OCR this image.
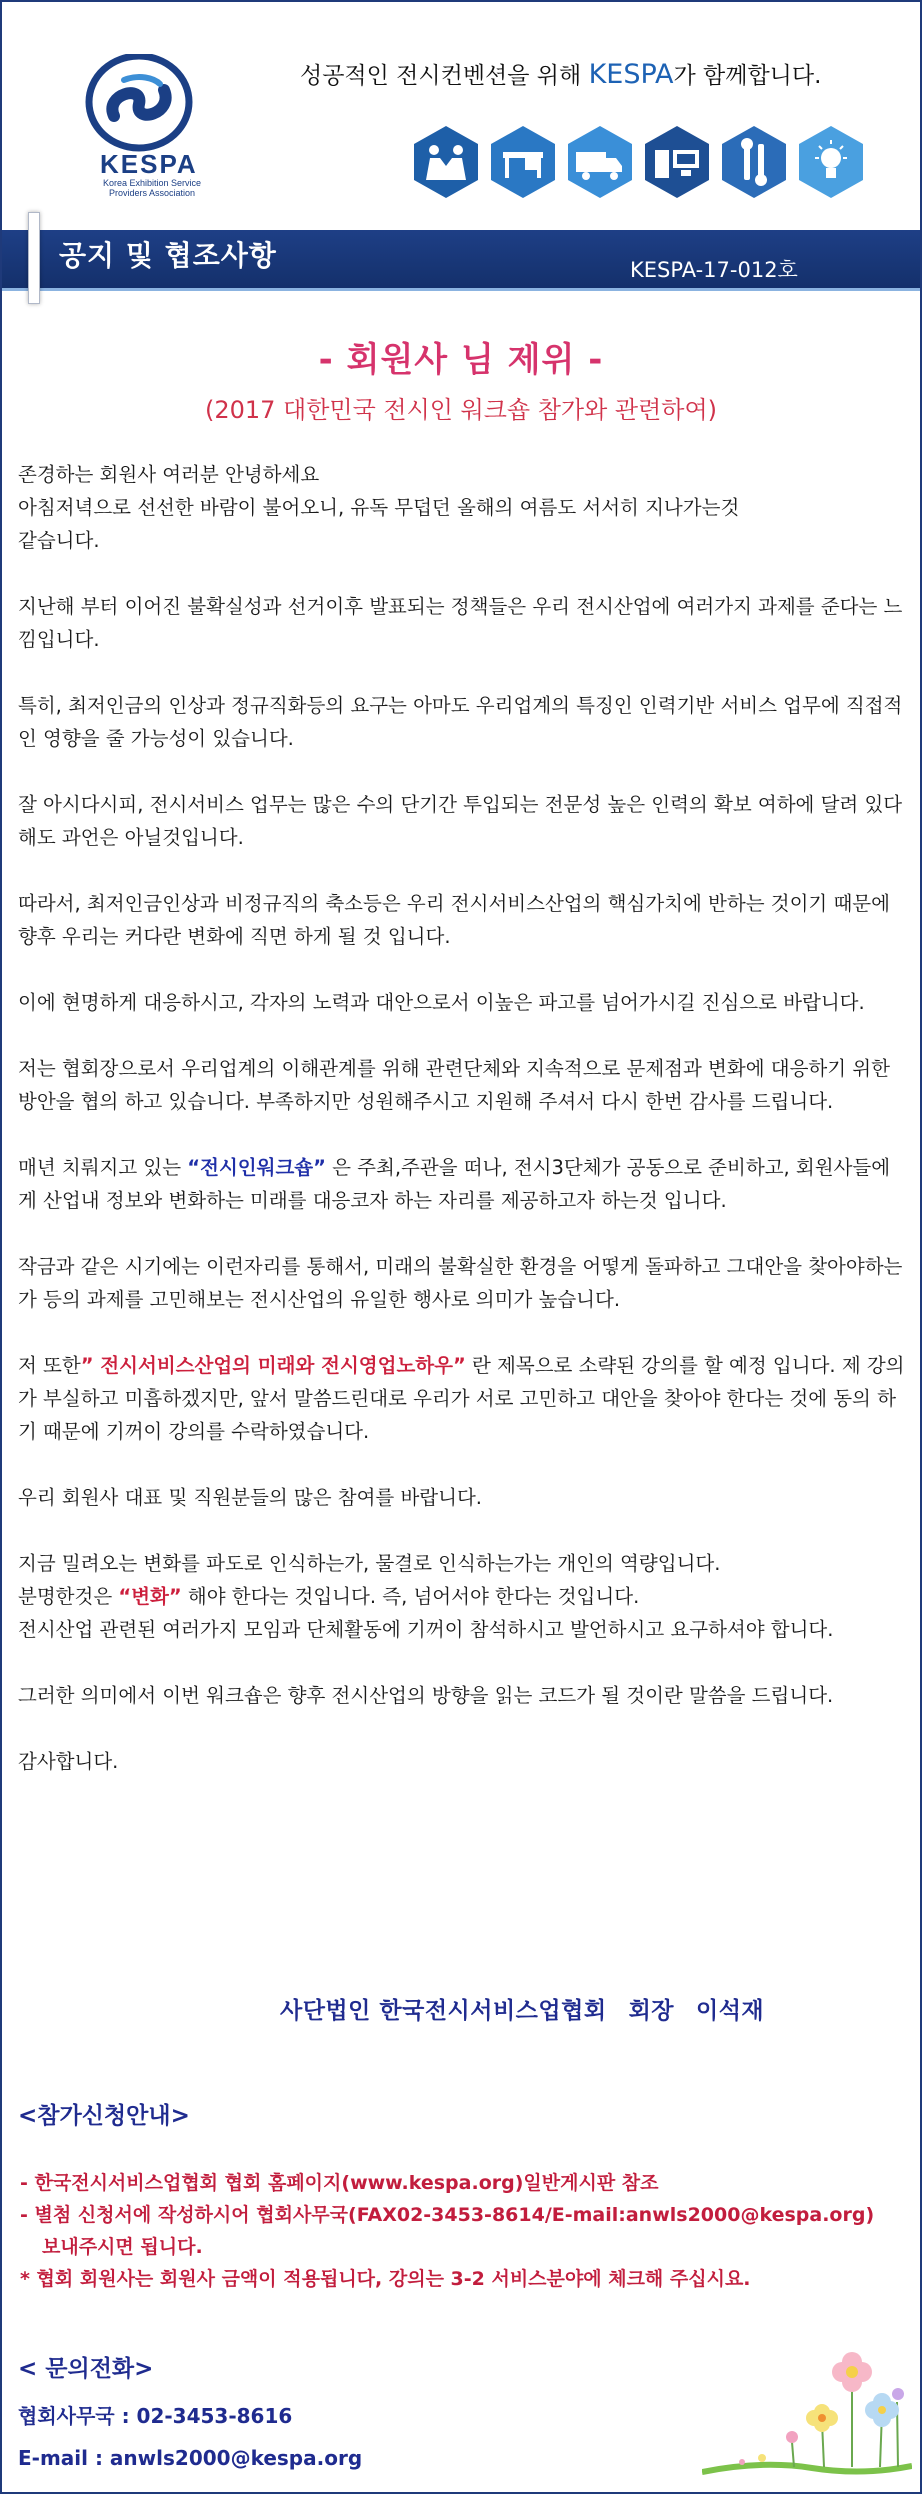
KESPA
Korea Exhibition Service Providers Association
성공적인 전시컨벤션을 위해 KESPA가 함께합니다.
공지 및 협조사항	KESPA-17-012호
- 회원사 님 제위 -
(2017 대한민국 전시인 워크숍 참가와 관련하여)

존경하는 회원사 여러분 안녕하세요

아침저녁으로 선선한 바람이 불어오니, 유독 무덥던 올해의 여름도 서서히 지나가는것

같습니다.

지난해 부터 이어진 불확실성과 선거이후 발표되는 정책들은 우리 전시산업에 여러가지 과제를 준다는 느낌입니다.

특히, 최저인금의 인상과 정규직화등의 요구는 아마도 우리업계의 특징인 인력기반 서비스 업무에 직접적인 영향을 줄 가능성이 있습니다.

잘 아시다시피, 전시서비스 업무는 많은 수의 단기간 투입되는 전문성 높은 인력의 확보 여하에 달려 있다해도 과언은 아닐것입니다.

따라서, 최저인금인상과 비정규직의 축소등은 우리 전시서비스산업의 핵심가치에 반하는 것이기 때문에 향후 우리는 커다란 변화에 직면 하게 될 것 입니다.

이에 현명하게 대응하시고, 각자의 노력과 대안으로서 이높은 파고를 넘어가시길 진심으로 바랍니다.

저는 협회장으로서 우리업계의 이해관계를 위해 관련단체와 지속적으로 문제점과 변화에 대응하기 위한 방안을 협의 하고 있습니다. 부족하지만 성원해주시고 지원해 주셔서 다시 한번 감사를 드립니다.

매년 치뤄지고 있는 “전시인워크숍” 은 주최,주관을 떠나, 전시3단체가 공동으로 준비하고, 회원사들에게 산업내 정보와 변화하는 미래를 대응코자 하는 자리를 제공하고자 하는것 입니다.

작금과 같은 시기에는 이런자리를 통해서, 미래의 불확실한 환경을 어떻게 돌파하고 그대안을 찾아야하는가 등의 과제를 고민해보는 전시산업의 유일한 행사로 의미가 높습니다.

저 또한” 전시서비스산업의 미래와 전시영업노하우” 란 제목으로 소략된 강의를 할 예정 입니다. 제 강의가 부실하고 미흡하겠지만, 앞서 말씀드린대로 우리가 서로 고민하고 대안을 찾아야 한다는 것에 동의 하기 때문에 기꺼이 강의를 수락하였습니다.

우리 회원사 대표 및 직원분들의 많은 참여를 바랍니다.

지금 밀려오는 변화를 파도로 인식하는가, 물결로 인식하는가는 개인의 역량입니다.

분명한것은 “변화” 해야 한다는 것입니다. 즉, 넘어서야 한다는 것입니다.

전시산업 관련된 여러가지 모임과 단체활동에 기꺼이 참석하시고 발언하시고 요구하셔야 합니다.

그러한 의미에서 이번 워크숍은 향후 전시산업의 방향을 읽는 코드가 될 것이란 말씀을 드립니다.

감사합니다.

사단법인 한국전시서비스업협회 회장 이석재
<참가신청안내>
- 한국전시서비스업협회 협회 홈페이지(www.kespa.org)일반게시판 참조
- 별첨 신청서에 작성하시어 협회사무국(FAX02-3453-8614/E-mail:anwls2000@kespa.org)
보내주시면 됩니다.
* 협회 회원사는 회원사 금액이 적용됩니다, 강의는 3-2 서비스분야에 체크해 주십시요.
< 문의전화>
협회사무국 : 02-3453-8616
E-mail : anwls2000@kespa.org
